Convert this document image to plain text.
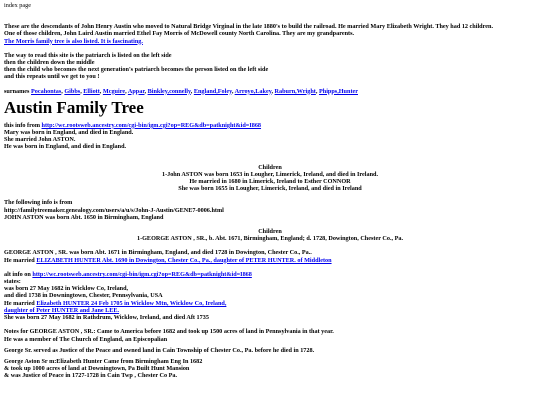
index page
These are the descendants of John Henry Austin who moved to Natural Bridge Virginal in the late 1880's to build the railroad. He married Mary Elizabeth Wright. They had 12 children.
One of those children, John Laird Austin married Ethel Fay Morris of McDowell county North Carolina. They are my grandparents.
The Morris family tree is also listed. It is fascinating.
The way to read this site is the patriarch is listed on the left side
then the children down the middle
then the child who becomes the next generation's patriarch becomes the person listed on the left side
and this repeats until we get to you !
surnames Pocahontas, Gibbs, Elliott, Mcguire, Appar, Binkley,connelly, England,Foley, Arroyo,Lakey, Raburn,Wright, Phipps,Hunter
Austin Family Tree
this info from http://wc.rootsweb.ancestry.com/cgi-bin/igm.cgi?op=REG&db=patknight&id=I868
Mary was born in England, and died in England.
She married John ASTON.
He was born in England, and died in England.
Children
1-John ASTON was born 1653 in Lougher, Limerick, Ireland, and died in Ireland.
He married in 1680 in Limerick, Ireland to Esther CONNOR
She was born 1655 in Lougher, Limerick, Ireland, and died in Ireland
The following info is from
http://familytreemaker.genealogy.com/users/a/u/s/John-J-Austin/GENE7-0006.html
JOHN ASTON was born Abt. 1650 in Birmingham, England
Children
1-GEORGE ASTON , SR., b. Abt. 1671, Birmingham, England; d. 1728, Dowington, Chester Co., Pa.
GEORGE ASTON , SR. was born Abt. 1671 in Birmingham, England, and died 1728 in Dowington, Chester Co., Pa..
He married ELIZABETH HUNTER Abt. 1690 in Dowington, Chester Co., Pa., daughter of PETER HUNTER. of Middleton
alt info on http://wc.rootsweb.ancestry.com/cgi-bin/igm.cgi?op=REG&db=patknight&id=I868
states:
was born 27 May 1682 in Wicklow Co, Ireland,
and died 1738 in Downingtown, Chester, Pennsylvania, USA
He married Elizabeth HUNTER 24 Feb 1705 in Wicklow Mtn, Wicklow Co, Ireland,
daughter of Peter HUNTER and Jane LEE.
She was born 27 May 1682 in Rathdrum, Wicklow, Ireland, and died Aft 1735
Notes for GEORGE ASTON , SR.: Came to America before 1682 and took up 1500 acres of land in Pennsylvania in that year.
He was a member of The Church of England, an Episcopalian
George Sr. served as Justice of the Peace and owned land in Cain Township of Chester Co., Pa. before he died in 1728.
George Aston Sr m:Elizabeth Hunter Came from Birmingham Eng In 1682
& took up 1000 acres of land at Downingtown, Pa Built Hunt Mansion
& was Justice of Peace in 1727-1728 in Cain Twp , Chester Co Pa.
